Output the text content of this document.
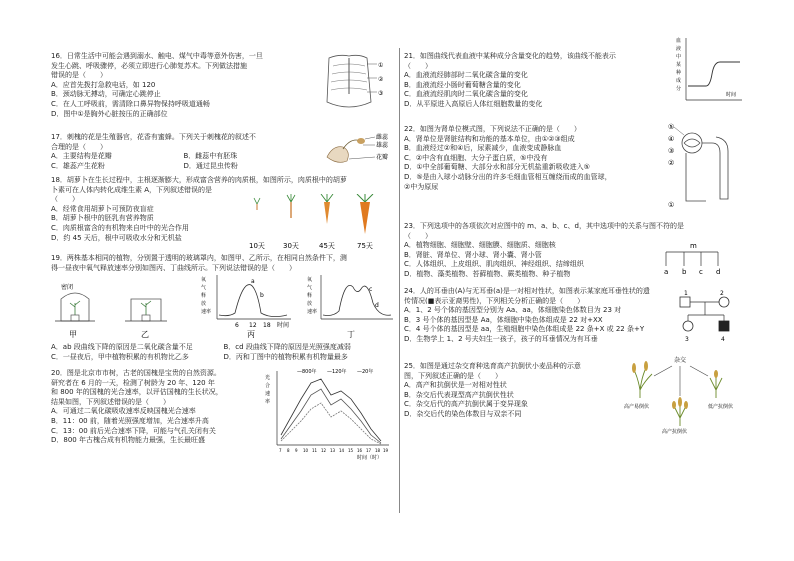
16．日常生活中可能会遇到溺水、触电、煤气中毒等意外伤害，一旦
发生心跳、呼吸骤停，必须立即进行心肺复苏术。下列做法措施
错误的是（　　）
A．应首先拨打急救电话，如 120
B．颈动脉无搏动，可确定心跳停止
C．在人工呼吸前，需清除口鼻异物保持呼吸道通畅
D．图中①是胸外心脏按压的正确部位
①
②
③
17．刺槐的花是生殖器官，花香有蜜蜂。下列关于刺槐花的叙述不
合理的是（　　）
A．主要结构是花瓣	B．雌蕊中有胚珠
C．雄蕊产生花粉	D．通过昆虫传粉
雌蕊
雄蕊
花瓣
18．胡萝卜在生长过程中，主根逐渐膨大，形成富含营养的肉质根，如图所示，肉质根中的胡萝
卜素可在人体内转化成维生素 A，下列叙述错误的是
（　　）
A．经常食用胡萝卜可预防夜盲症
B．胡萝卜根中的胚乳有营养物质
C．肉质根富含的有机物来自叶中的光合作用
D．约 45 天后，根中可吸收水分和无机盐
10天	30天	45天	75天
19．两株基本相同的植物，分别置于透明的玻璃罩内，如图甲、乙所示，在相同自然条件下，测
得一昼夜中氧气释放速率分别如图丙、丁曲线所示。下列说法错误的是（　　）
密闭
甲	乙
氧
气
释
放
速率
a
b
6 12 18 时间
丙
氧
气
释
放
速率
c
d
丁
A．ab 段曲线下降的原因是二氧化碳含量不足	B．cd 段曲线下降的原因是光照强度减弱
C．一昼夜后，甲中植物积累的有机物比乙多	D．丙和丁图中的植物积累有机物量最多
20．图是北京市市树，古老的国槐是宝贵的自然资源。
研究者在 6 月的一天，检测了树龄为 20 年、120 年
和 800 年的国槐的光合速率，以评估国槐的生长状况，
结果如图，下列叙述错误的是（　　）
A．可通过二氧化碳吸收速率反映国槐光合速率
B．11：00 前，随着光照强度增加，光合速率升高
C．13：00 前后光合速率下降，可能与气孔关闭有关
D．800 年古槐合成有机物能力最强，生长最旺盛
光
合
速
率
—800年 —120年 —20年
7 8 9 10 11 12 13 14 15 16 17 18 19
时间（时）
21．如图曲线代表血液中某种成分含量变化的趋势，该曲线不能表示
（　　）
A．血液流经肺部时二氧化碳含量的变化
B．血液流经小肠时葡萄糖含量的变化
C．血液流经肌肉时二氧化碳含量的变化
D．从平原进入高原后人体红细胞数量的变化
血
液
中
某
种
成
分
时间
22．如图为肾单位模式图，下列说法不正确的是（　　）
A．肾单位是肾脏结构和功能的基本单位，由①②③组成
B．血液经过②和④后，尿素减少，血液变成静脉血
C．②中含有血细胞、大分子蛋白质，⑤中没有
D．①中全部葡萄糖、大部分水和部分无机盐重新吸收进入⑤
D．⑤是由入球小动脉分出的许多毛细血管相互缠绕而成的血管球，
②中为原尿
⑤
④
③
②
①
23．下列选项中的各项依次对应图中的 m、a、b、c、d，其中选项中的关系与图不符的是
（　　）
A．植物细胞、细胞壁、细胞膜、细胞质、细胞核
B．肾脏、肾单位、肾小球、肾小囊、肾小管
C．人体组织、上皮组织、肌肉组织、神经组织、结缔组织
D．植物、藻类植物、苔藓植物、蕨类植物、种子植物
m
a b c d
24．人的耳垂由(A)与无耳垂(a)是一对相对性状，如图表示某家庭耳垂性状的遗
传情况(■表示亚裔男性)，下列相关分析正确的是（　　）
A．1、2 号个体的基因型分别为 Aa、aa，体细胞染色体数目为 23 对
B．3 号个体的基因型是 Aa，体细胞中染色体组成是 22 对+XX
C．4 号个体的基因型是 aa，生殖细胞中染色体组成是 22 条+X 或 22 条+Y
D．生物学上 1、2 号夫妇生一孩子，孩子的耳垂情况为有耳垂
1	2
3	4
25．如图是通过杂交育种选育高产抗倒伏小麦品种的示意
图，下列叙述正确的是（　　）
A．高产和抗倒伏是一对相对性状
B．杂交后代表现型高产抗倒伏性状
C．杂交后代的高产抗倒伏属于变异现象
D．杂交后代的染色体数目与双亲不同
杂交
高产易倒伏	低产抗倒伏
高产抗倒伏
